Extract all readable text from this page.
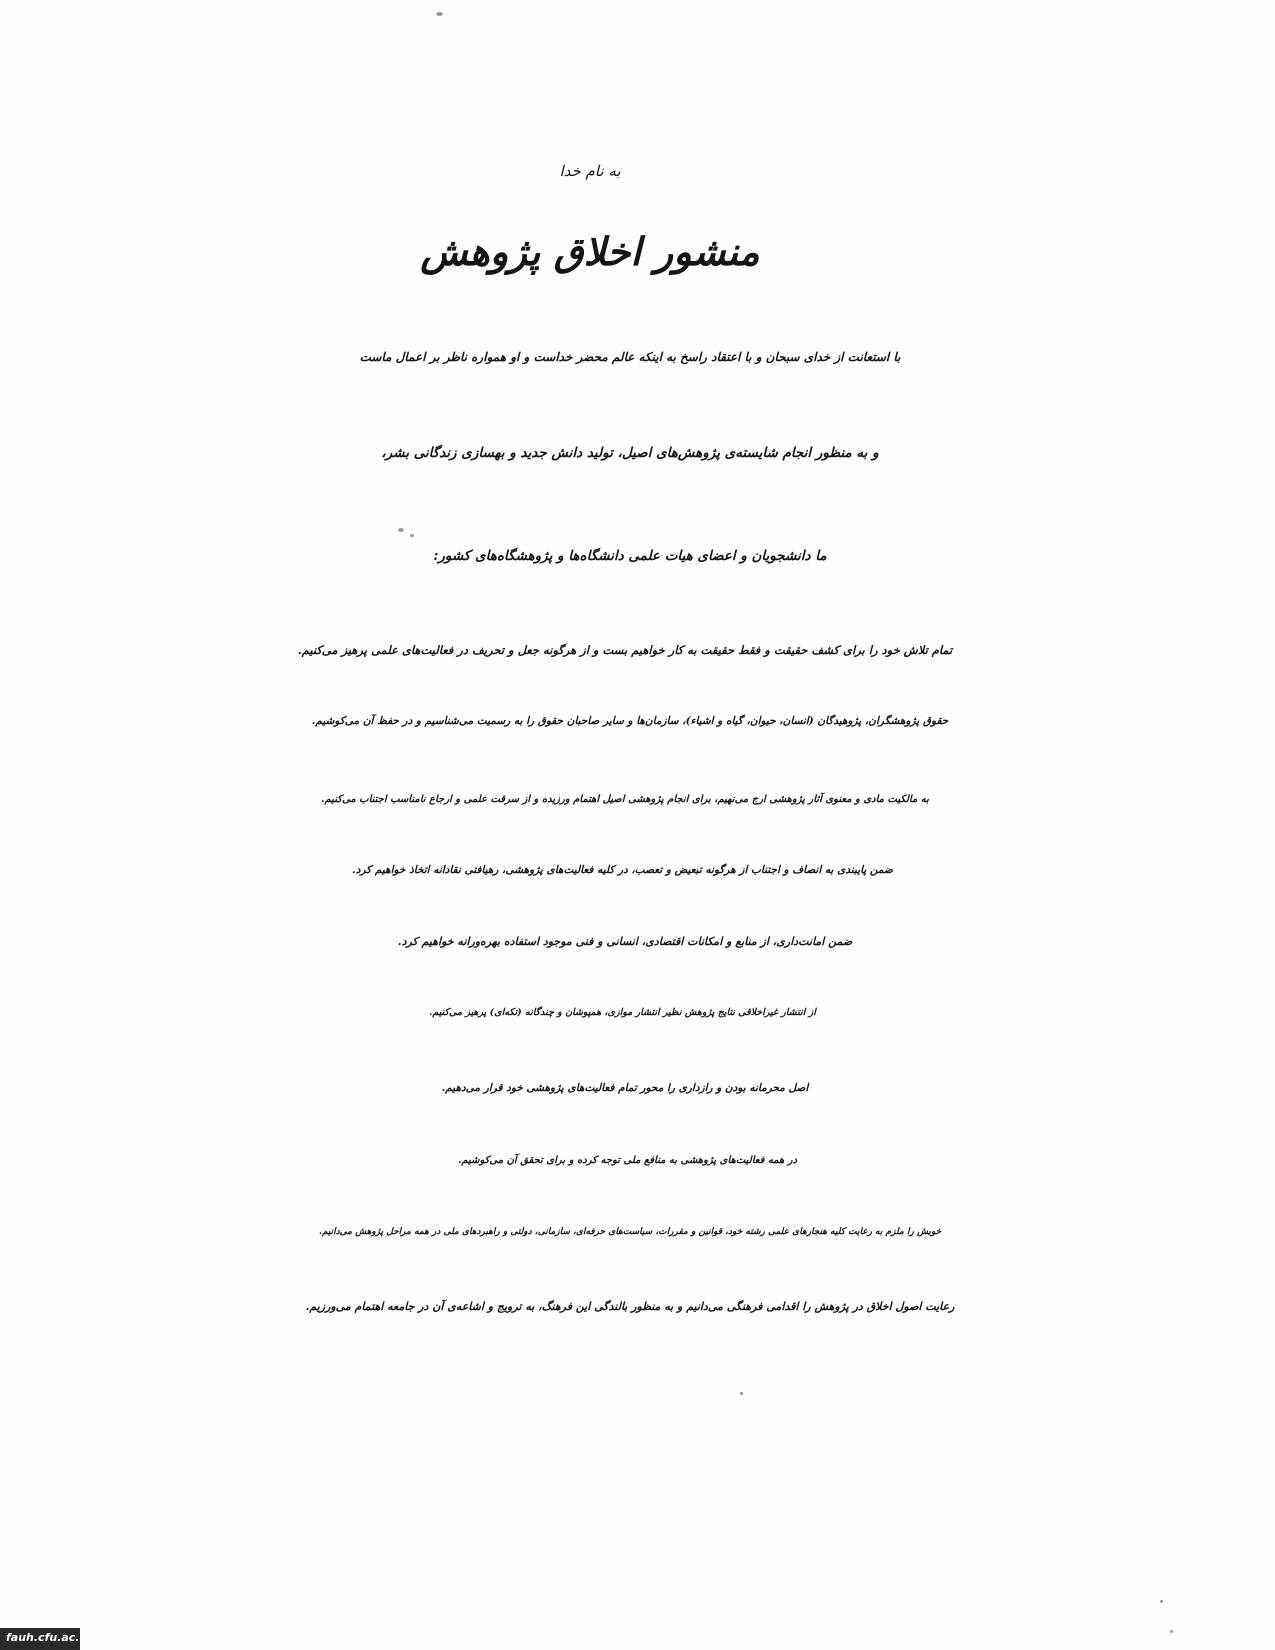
به نام خدا
منشور اخلاق پژوهش
با استعانت از خدای سبحان و با اعتقاد راسخ به اینکه عالم محضر خداست و او همواره ناظر بر اعمال ماست
و به منظور انجام شایسته‌ی پژوهش‌های اصیل، تولید دانش جدید و بهسازی زندگانی بشر،
ما دانشجویان و اعضای هیات علمی دانشگاه‌ها و پژوهشگاه‌های کشور:
تمام تلاش خود را برای کشف حقیقت و فقط حقیقت به کار خواهیم بست و از هرگونه جعل و تحریف در فعالیت‌های علمی پرهیز می‌کنیم.
حقوق پژوهشگران، پژوهیدگان (انسان، حیوان، گیاه و اشیاء)، سازمان‌ها و سایر صاحبان حقوق را به رسمیت می‌شناسیم و در حفظ آن می‌کوشیم.
به مالکیت مادی و معنوی آثار پژوهشی ارج می‌نهیم، برای انجام پژوهشی اصیل اهتمام ورزیده و از سرقت علمی و ارجاع نامناسب اجتناب می‌کنیم.
ضمن پایبندی به انصاف و اجتناب از هرگونه تبعیض و تعصب، در کلیه فعالیت‌های پژوهشی، رهیافتی نقادانه اتخاذ خواهیم کرد.
ضمن امانت‌داری، از منابع و امکانات اقتصادی، انسانی و فنی موجود استفاده بهره‌ورانه خواهیم کرد.
از انتشار غیراخلاقی نتایج پژوهش نظیر انتشار موازی، همپوشان و چندگانه (تکه‌ای) پرهیز می‌کنیم.
اصل محرمانه بودن و رازداری را محور تمام فعالیت‌های پژوهشی خود قرار می‌دهیم.
در همه فعالیت‌های پژوهشی به منافع ملی توجه کرده و برای تحقق آن می‌کوشیم.
خویش را ملزم به رعایت کلیه هنجارهای علمی رشته خود، قوانین و مقررات، سیاست‌های حرفه‌ای، سازمانی، دولتی و راهبردهای ملی در همه مراحل پژوهش می‌دانیم.
رعایت اصول اخلاق در پژوهش را اقدامی فرهنگی می‌دانیم و به منظور بالندگی این فرهنگ، به ترویج و اشاعه‌ی آن در جامعه اهتمام می‌ورزیم.
fauh.cfu.ac.ir
